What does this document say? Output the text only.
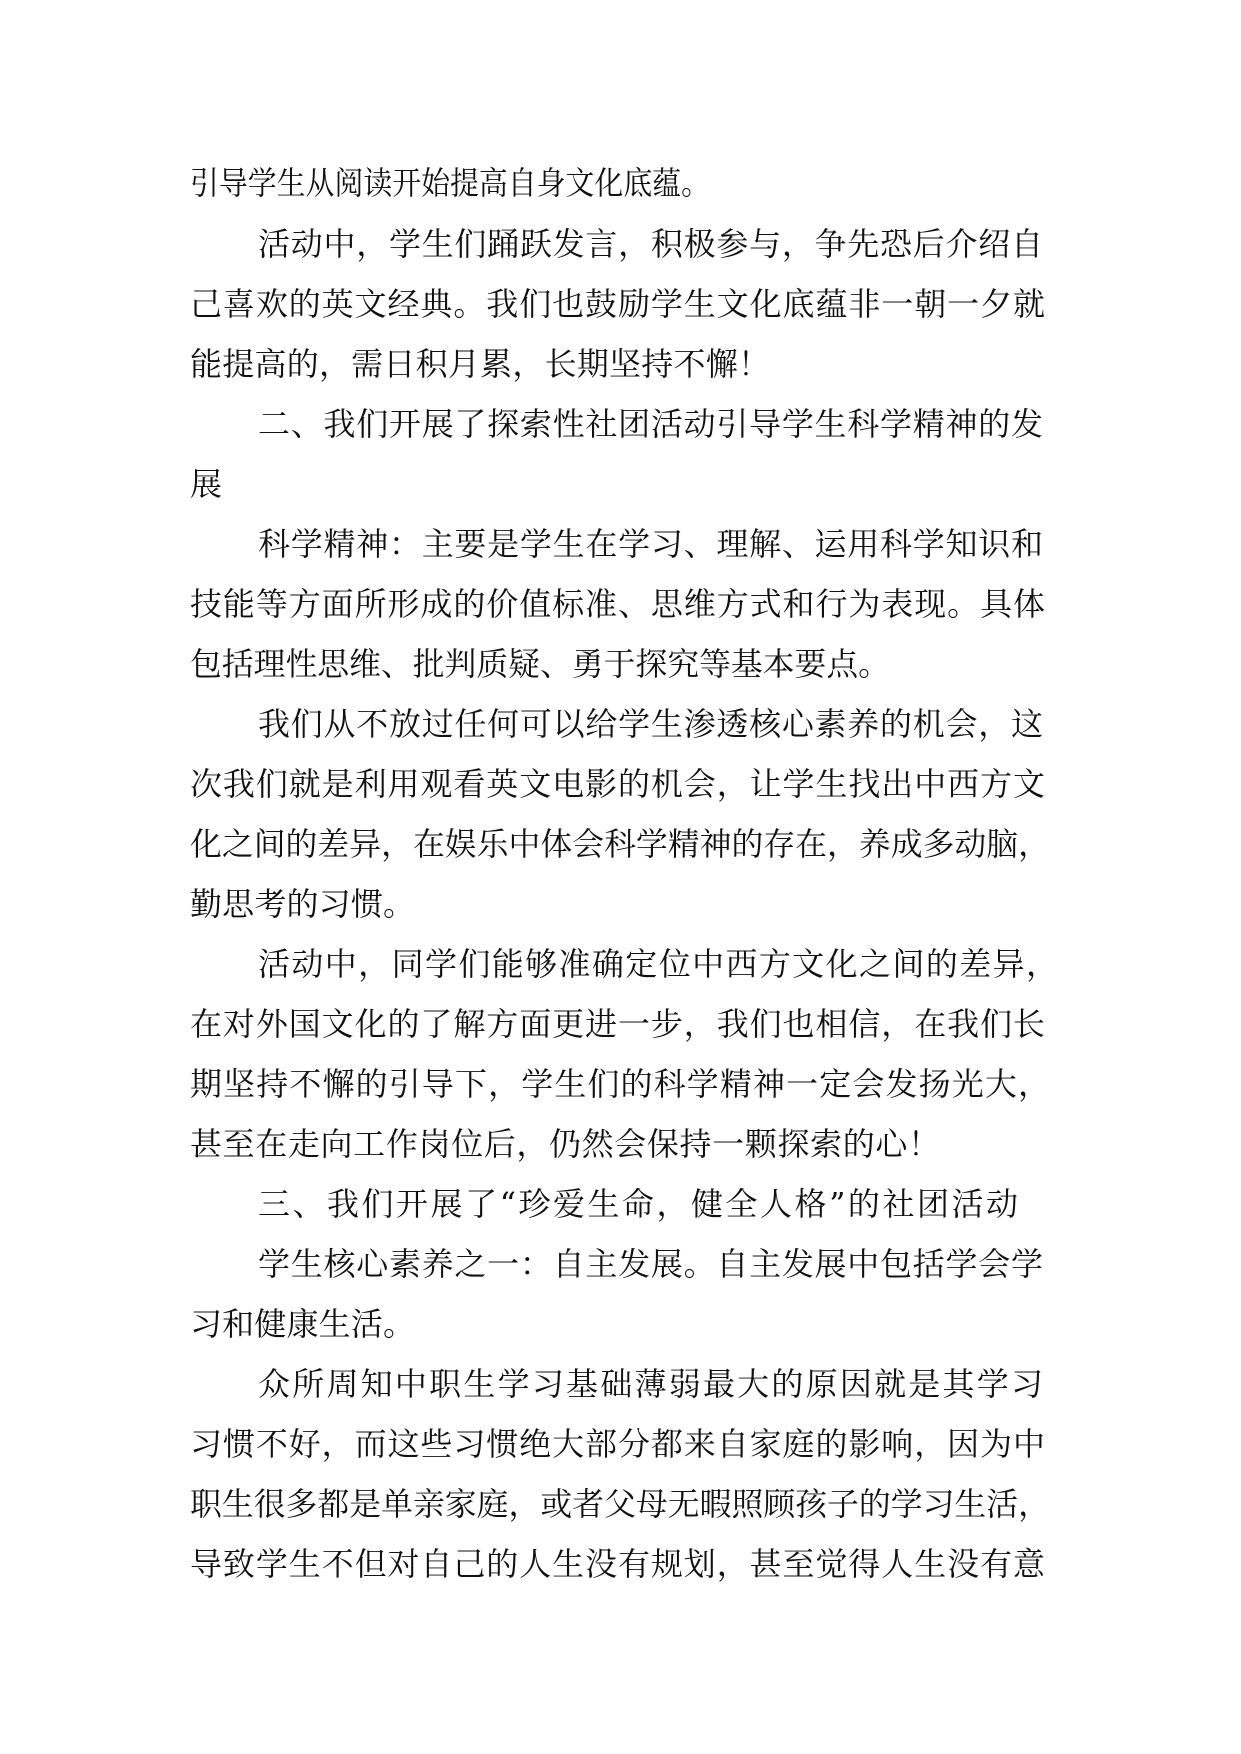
引导学生从阅读开始提高自身文化底蕴。
活动中，学生们踊跃发言，积极参与，争先恐后介绍自
己喜欢的英文经典。我们也鼓励学生文化底蕴非一朝一夕就
能提高的，需日积月累，长期坚持不懈！
二、我们开展了探索性社团活动引导学生科学精神的发
展
科学精神：主要是学生在学习、理解、运用科学知识和
技能等方面所形成的价值标准、思维方式和行为表现。具体
包括理性思维、批判质疑、勇于探究等基本要点。
我们从不放过任何可以给学生渗透核心素养的机会，这
次我们就是利用观看英文电影的机会，让学生找出中西方文
化之间的差异，在娱乐中体会科学精神的存在，养成多动脑，
勤思考的习惯。
活动中，同学们能够准确定位中西方文化之间的差异，
在对外国文化的了解方面更进一步，我们也相信，在我们长
期坚持不懈的引导下，学生们的科学精神一定会发扬光大，
甚至在走向工作岗位后，仍然会保持一颗探索的心！
三、我们开展了“珍爱生命，健全人格”的社团活动
学生核心素养之一：自主发展。自主发展中包括学会学
习和健康生活。
众所周知中职生学习基础薄弱最大的原因就是其学习
习惯不好，而这些习惯绝大部分都来自家庭的影响，因为中
职生很多都是单亲家庭，或者父母无暇照顾孩子的学习生活，
导致学生不但对自己的人生没有规划，甚至觉得人生没有意
